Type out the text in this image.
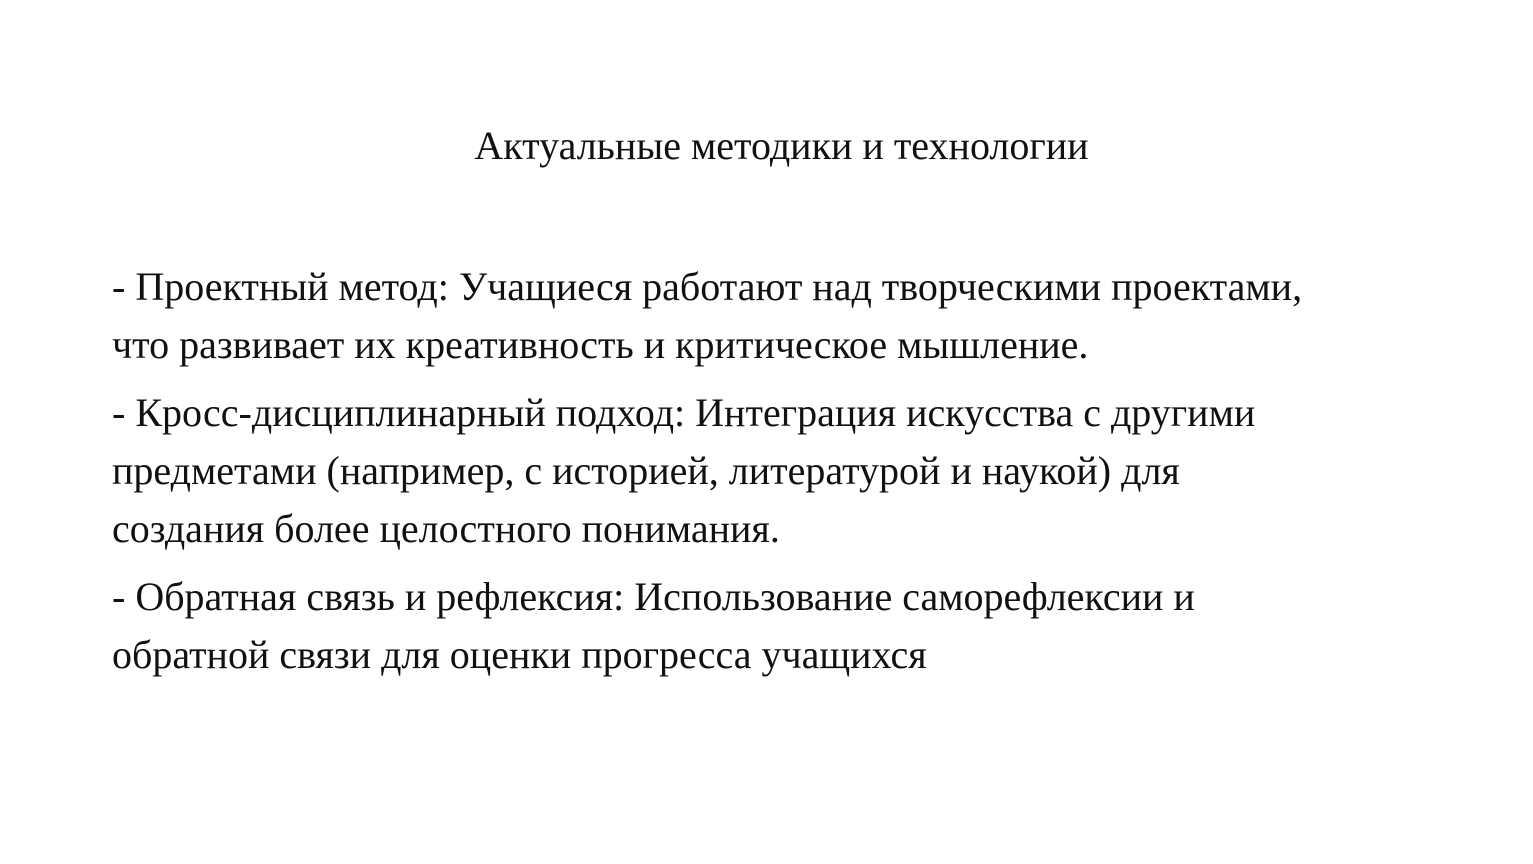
Актуальные методики и технологии
- Проектный метод: Учащиеся работают над творческими проектами,
что развивает их креативность и критическое мышление.
- Кросс-дисциплинарный подход: Интеграция искусства с другими
предметами (например, с историей, литературой и наукой) для
создания более целостного понимания.
- Обратная связь и рефлексия: Использование саморефлексии и
обратной связи для оценки прогресса учащихся
